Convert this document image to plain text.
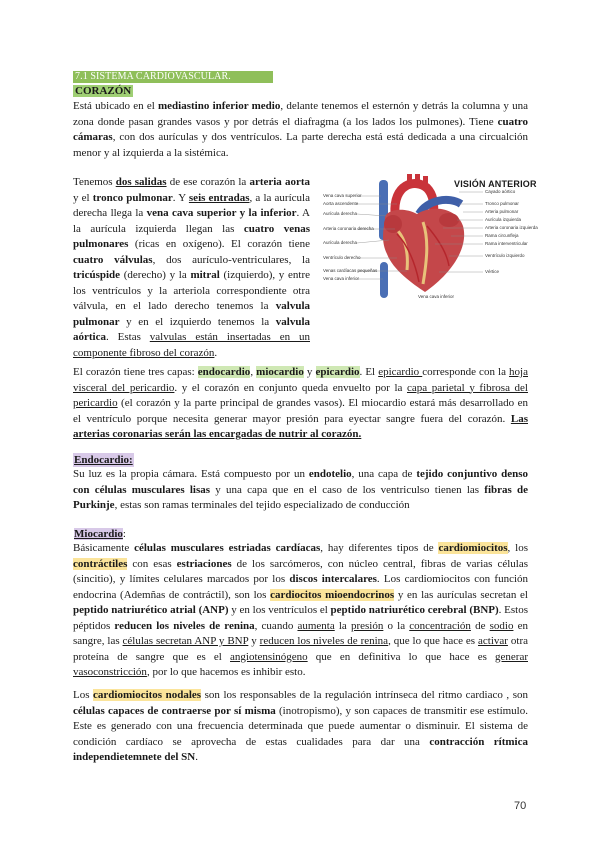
7.1 SISTEMA CARDIOVASCULAR.
CORAZÓN

Está ubicado en el mediastino inferior medio, delante tenemos el esternón y detrás la columna y una zona donde pasan grandes vasos y por detrás el diafragma (a los lados los pulmones). Tiene cuatro cámaras, con dos aurículas y dos ventrículos. La parte derecha está está dedicada a una circualción menor y al izquierda a la sistémica.

Tenemos dos salidas de ese corazón la arteria aorta y el tronco pulmonar. Y seis entradas, a la aurícula derecha llega la vena cava superior y la inferior. A la aurícula izquierda llegan las cuatro venas pulmonares (ricas en oxígeno). El corazón tiene cuatro válvulas, dos aurículo-ventriculares, la tricúspide (derecho) y la mitral (izquierdo), y entre los ventrículos y la arteriola correspondiente otra válvula, en el lado derecho tenemos la valvula pulmonar y en el izquierdo tenemos la valvula aórtica. Estas valvulas están insertadas en un componente fibroso del corazón.

Vena cava superior
Aorta ascendente
Aurícula derecha
Arteria coronaria derecha
Aurícula derecha
Ventrículo derecho
Venas cardíacas pequeñas
Vena cava inferior
Cayado aórtico
Tronco pulmonar
Arteria pulmonar
Aurícula izquierda
Arteria coronaria izquierda
Rama circunfleja
Rama interventricular
Ventrículo izquierdo
Vértice
Vena cava inferior
VISIÓN ANTERIOR

El corazón tiene tres capas: endocardio, miocardio y epicardio. El epicardio corresponde con la hoja visceral del pericardio. y el corazón en conjunto queda envuelto por la capa parietal y fibrosa del pericardio (el corazón y la parte principal de grandes vasos). El miocardio estará más desarrollado en el ventrículo porque necesita generar mayor presión para eyectar sangre fuera del corazón. Las arterias coronarias serán las encargadas de nutrir al corazón.

Endocardio:

Su luz es la propia cámara. Está compuesto por un endotelio, una capa de tejido conjuntivo denso con células musculares lisas y una capa que en el caso de los ventriculso tienen las fibras de Purkinje, estas son ramas terminales del tejido especializado de conducción

Miocardio:

Básicamente células musculares estriadas cardíacas, hay diferentes tipos de cardiomiocitos, los contráctiles con esas estriaciones de los sarcómeros, con núcleo central, fibras de varias células (sincitio), y límites celulares marcados por los discos intercalares. Los cardiomiocitos con función endocrina (Ademñas de contráctil), son los cardiocitos mioendocrinos y en las aurículas secretan el peptido natriurético atrial (ANP) y en los ventrículos el peptido natriurético cerebral (BNP). Estos péptidos reducen los niveles de renina, cuando aumenta la presión o la concentración de sodio en sangre, las células secretan ANP y BNP y reducen los niveles de renina, que lo que hace es activar otra proteína de sangre que es el angiotensinógeno que en definitiva lo que hace es generar vasoconstricción, por lo que hacemos es inhibir esto.

Los cardiomiocitos nodales son los responsables de la regulación intrínseca del ritmo cardiaco , son células capaces de contraerse por sí misma (inotropismo), y son capaces de transmitir ese estímulo. Este es generado con una frecuencia determinada que puede aumentar o disminuir. El sistema de condición cardíaco se aprovecha de estas cualidades para dar una contracción rítmica independietemnete del SN.

70
